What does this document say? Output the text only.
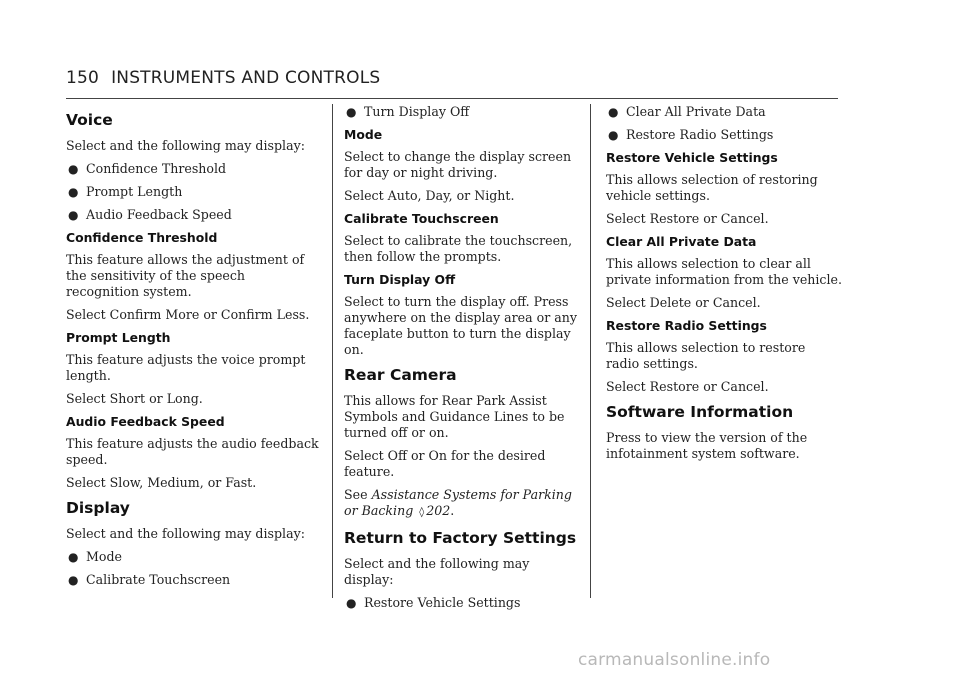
150 INSTRUMENTS AND CONTROLS
Voice

Select and the following may display:

● Confidence Threshold
● Prompt Length
● Audio Feedback Speed
Confidence Threshold

This feature allows the adjustment of the sensitivity of the speech recognition system.

Select Confirm More or Confirm Less.

Prompt Length

This feature adjusts the voice prompt length.

Select Short or Long.

Audio Feedback Speed

This feature adjusts the audio feedback speed.

Select Slow, Medium, or Fast.

Display

Select and the following may display:

● Mode
● Calibrate Touchscreen
● Turn Display Off
Mode

Select to change the display screen for day or night driving.

Select Auto, Day, or Night.

Calibrate Touchscreen

Select to calibrate the touchscreen, then follow the prompts.

Turn Display Off

Select to turn the display off. Press anywhere on the display area or any faceplate button to turn the display on.

Rear Camera

This allows for Rear Park Assist Symbols and Guidance Lines to be turned off or on.

Select Off or On for the desired feature.

See Assistance Systems for Parking or Backing ◊ 202.

Return to Factory Settings

Select and the following may display:

● Restore Vehicle Settings
● Clear All Private Data
● Restore Radio Settings
Restore Vehicle Settings

This allows selection of restoring vehicle settings.

Select Restore or Cancel.

Clear All Private Data

This allows selection to clear all private information from the vehicle.

Select Delete or Cancel.

Restore Radio Settings

This allows selection to restore radio settings.

Select Restore or Cancel.

Software Information

Press to view the version of the infotainment system software.

carmanualsonline.info
